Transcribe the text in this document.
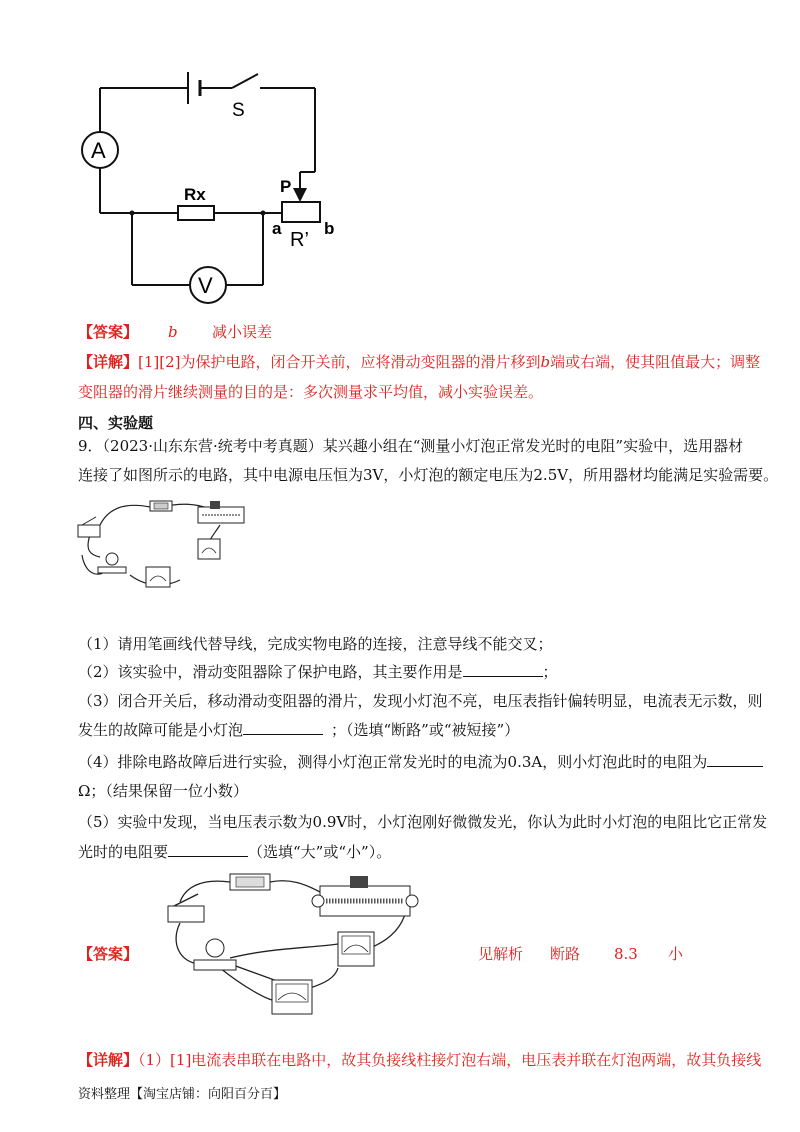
S
A
V
Rx	P
R’
a	b
【答案】 b 减小误差
【详解】[1][2]为保护电路，闭合开关前，应将滑动变阻器的滑片移到b端或右端，使其阻值最大；调整
变阻器的滑片继续测量的目的是：多次测量求平均值，减小实验误差。
四、实验题
9．（2023·山东东营·统考中考真题）某兴趣小组在“测量小灯泡正常发光时的电阻”实验中，选用器材
连接了如图所示的电路，其中电源电压恒为3V，小灯泡的额定电压为2.5V，所用器材均能满足实验需要。
（1）请用笔画线代替导线，完成实物电路的连接，注意导线不能交叉；
（2）该实验中，滑动变阻器除了保护电路，其主要作用是	；
（3）闭合开关后，移动滑动变阻器的滑片，发现小灯泡不亮，电压表指针偏转明显，电流表无示数，则
发生的故障可能是小灯泡	；（选填“断路”或“被短接”）
（4）排除电路故障后进行实验，测得小灯泡正常发光时的电流为0.3A，则小灯泡此时的电阻为
Ω；（结果保留一位小数）
（5）实验中发现，当电压表示数为0.9V时，小灯泡刚好微微发光，你认为此时小灯泡的电阻比它正常发
光时的电阻要	（选填“大”或“小”）。
【答案】	见解析 断路 8.3 小
【详解】（1）[1]电流表串联在电路中，故其负接线柱接灯泡右端，电压表并联在灯泡两端，故其负接线
资料整理【淘宝店铺：向阳百分百】
